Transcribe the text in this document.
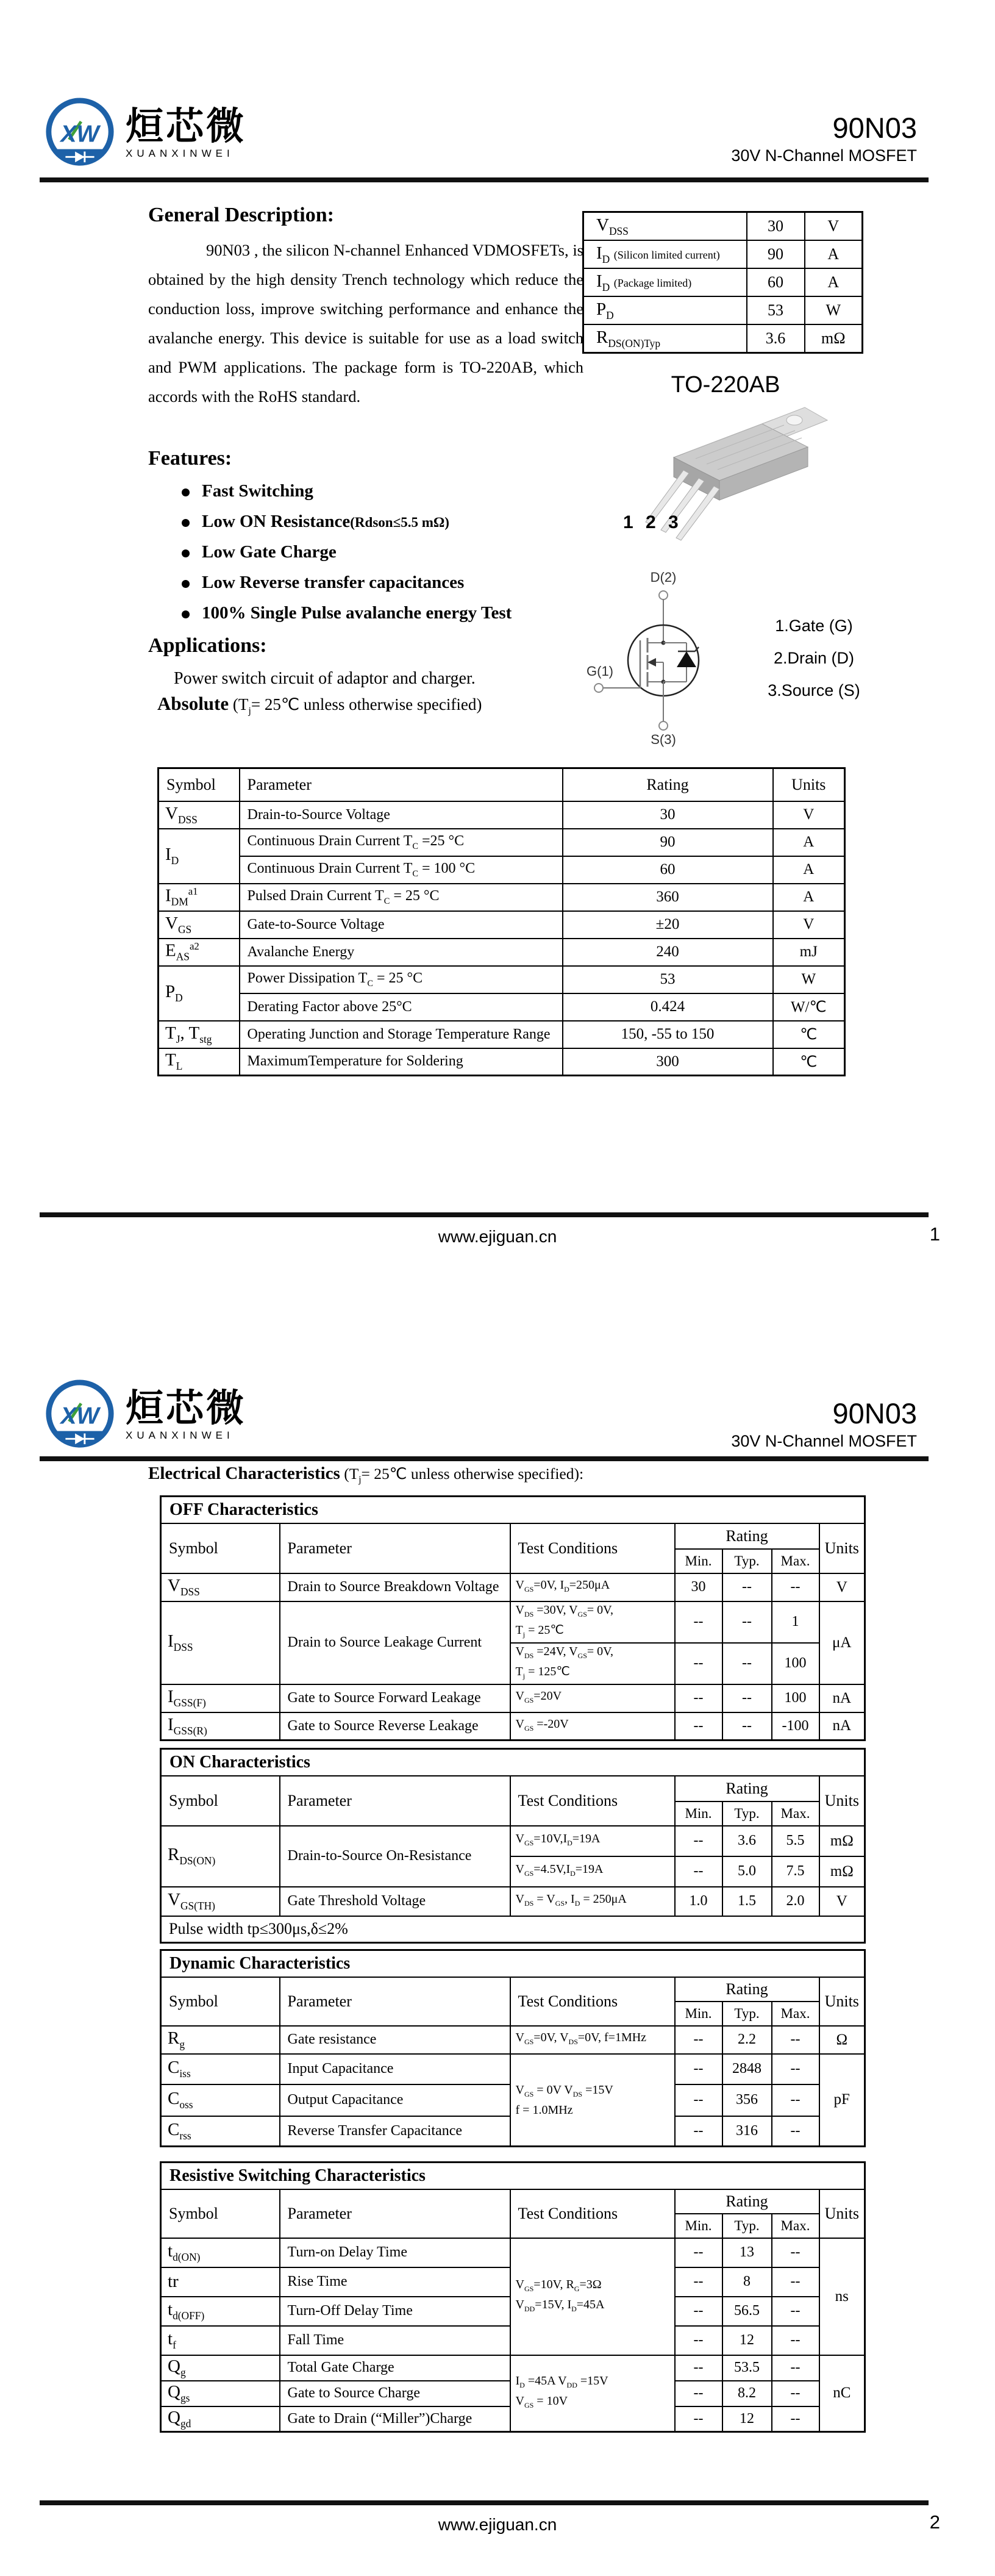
XW 烜芯微
XUANXINWEI
90N03
30V N-Channel MOSFET
General Description:

90N03 , the silicon N-channel Enhanced VDMOSFETs, is obtained by the high density Trench technology which reduce the conduction loss, improve switching performance and enhance the avalanche energy. This device is suitable for use as a load switch and PWM applications. The package form is TO-220AB, which accords with the RoHS standard.

Features:
Fast Switching
Low ON Resistance (Rdson≤5.5 mΩ)
Low Gate Charge
Low Reverse transfer capacitances
100% Single Pulse avalanche energy Test
Applications:
Power switch circuit of adaptor and charger.
Absolute ($T_j=$ 25℃ unless otherwise specified)
$V_{DSS}$	30	V
$I_D$ (Silicon limited current)	90	A
$I_D$ (Package limited)	60	A
$P_D$	53	W
$R_{DS(ON)Typ}$	3.6	mΩ
TO-220AB
1 2 3
D(2)
G(1)
S(3)
1.Gate (G)
2.Drain (D)
3.Source (S)
Symbol	Parameter	Rating	Units
$V_{DSS}$	Drain-to-Source Voltage	30	V
$I_D$	Continuous Drain Current $T_C =25$ °C	90	A
	Continuous Drain Current $T_C = 100$ °C	60	A
$I_{DM}^{a1}$	Pulsed Drain Current $T_C = 25$ °C	360	A
$V_{GS}$	Gate-to-Source Voltage	±20	V
$E_{AS}^{a2}$	Avalanche Energy	240	mJ
$P_D$	Power Dissipation $T_C = 25$ °C	53	W
	Derating Factor above 25°C	0.424	W/℃
$T_J$, $T_{stg}$	Operating Junction and Storage Temperature Range	150, -55 to 150	℃
$T_L$	MaximumTemperature for Soldering	300	℃
www.ejiguan.cn	1
XW 烜芯微
XUANXINWEI
90N03
30V N-Channel MOSFET
Electrical Characteristics ($T_j=$ 25℃ unless otherwise specified):
OFF Characteristics						
Symbol	Parameter	Test Conditions	Rating			Units
			Min.	Typ.	Max.	
$V_{DSS}$	Drain to Source Breakdown Voltage	$V_{GS}=0V$, $I_D=250\mu A$	30	--	--	V
$I_{DSS}$	Drain to Source Leakage Current	$V_{DS} =30V$, $V_{GS}= 0V$,
$T_j$ = 25℃	--	--	1	μA
		$V_{DS} =24V$, $V_{GS}= 0V$,
$T_j$ = 125℃	--	--	100	
$I_{GSS(F)}$	Gate to Source Forward Leakage	$V_{GS}=20V$	--	--	100	nA
$I_{GSS(R)}$	Gate to Source Reverse Leakage	$V_{GS} =-20V$	--	--	-100	nA
ON Characteristics						
Symbol	Parameter	Test Conditions	Rating			Units
			Min.	Typ.	Max.	
$R_{DS(ON)}$	Drain-to-Source On-Resistance	$V_{GS}=10V,I_D=19A$	--	3.6	5.5	mΩ
		$V_{GS}=4.5V,I_D=19A$	--	5.0	7.5	mΩ
$V_{GS(TH)}$	Gate Threshold Voltage	$V_{DS} = V_{GS}$, $I_D = 250\mu A$	1.0	1.5	2.0	V
Pulse width tp≤300μs,δ≤2%						
Dynamic Characteristics						
Symbol	Parameter	Test Conditions	Rating			Units
			Min.	Typ.	Max.	
$R_g$	Gate resistance	$V_{GS}=0V$, $V_{DS}=0V$, f=1MHz	--	2.2	--	Ω
$C_{iss}$	Input Capacitance	$V_{GS} = 0V$ $V_{DS} =15V$
f = 1.0MHz	--	2848	--	pF
$C_{oss}$	Output Capacitance		--	356	--	
$C_{rss}$	Reverse Transfer Capacitance		--	316	--	
Resistive Switching Characteristics						
Symbol	Parameter	Test Conditions	Rating			Units
			Min.	Typ.	Max.	
$t_{d(ON)}$	Turn-on Delay Time	$V_{GS}=10V$, $R_G=3\Omega$
$V_{DD}=15V$, $I_D=45A$	--	13	--	ns
tr	Rise Time		--	8	--	
$t_{d(OFF)}$	Turn-Off Delay Time		--	56.5	--	
$t_f$	Fall Time		--	12	--	
$Q_g$	Total Gate Charge	$I_D =45A$ $V_{DD} =15V$
$V_{GS} = 10V$	--	53.5	--	nC
$Q_{gs}$	Gate to Source Charge		--	8.2	--	
$Q_{gd}$	Gate to Drain (“Miller”)Charge		--	12	--	
www.ejiguan.cn	2
